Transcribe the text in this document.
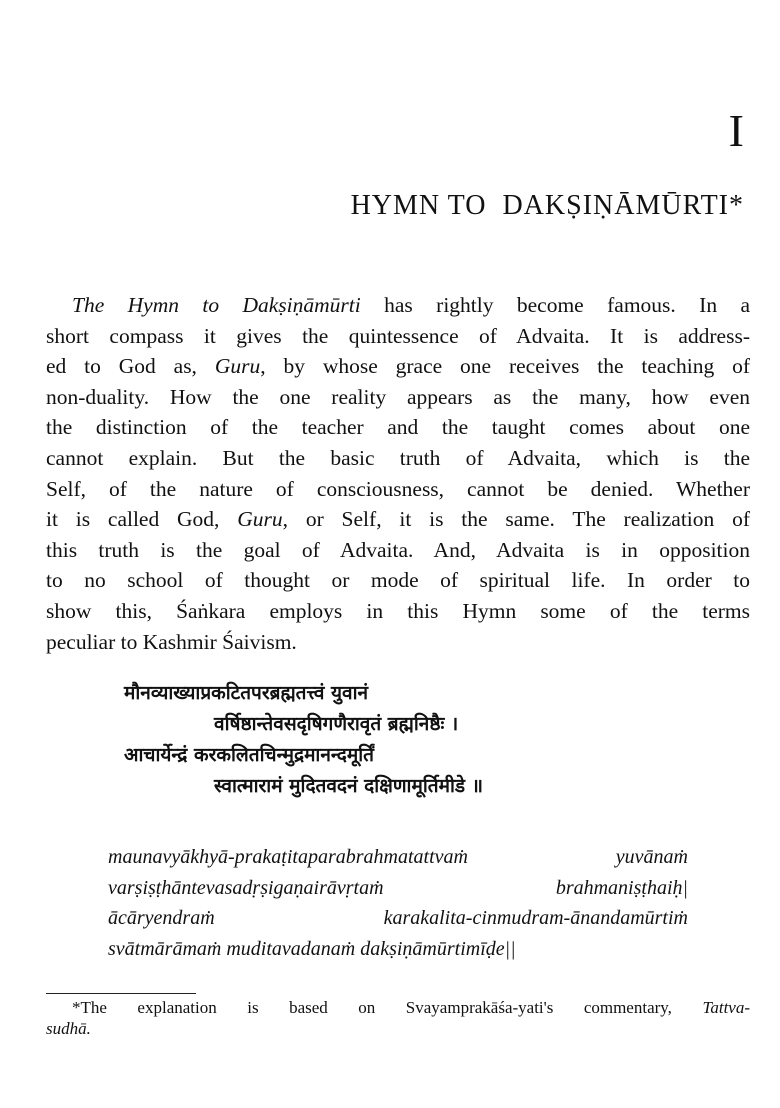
I
HYMN TO DAKṢIṆĀMŪRTI*
The Hymn to Dakṣiṇāmūrti has rightly become famous. In a
short compass it gives the quintessence of Advaita. It is address-
ed to God as, Guru, by whose grace one receives the teaching of
non-duality. How the one reality appears as the many, how even
the distinction of the teacher and the taught comes about one
cannot explain. But the basic truth of Advaita, which is the
Self, of the nature of consciousness, cannot be denied. Whether
it is called God, Guru, or Self, it is the same. The realization of
this truth is the goal of Advaita. And, Advaita is in opposition
to no school of thought or mode of spiritual life. In order to
show this, Śaṅkara employs in this Hymn some of the terms
peculiar to Kashmir Śaivism.
मौनव्याख्याप्रकटितपरब्रह्मतत्त्वं युवानं
वर्षिष्ठान्तेवसदृषिगणैरावृतं ब्रह्मनिष्ठैः ।
आचार्येन्द्रं करकलितचिन्मुद्रमानन्दमूर्तिं
स्वात्मारामं मुदितवदनं दक्षिणामूर्तिमीडे ॥
maunavyākhyā-prakaṭitaparabrahmatattvaṁ yuvānaṁ
varṣiṣṭhāntevasadṛṣigaṇairāvṛtaṁ brahmaniṣṭhaiḥ|
ācāryendraṁ karakalita-cinmudram-ānandamūrtiṁ
svātmārāmaṁ muditavadanaṁ dakṣiṇāmūrtimīḍe||
*The explanation is based on Svayamprakāśa-yati's commentary, Tattva-
sudhā.
